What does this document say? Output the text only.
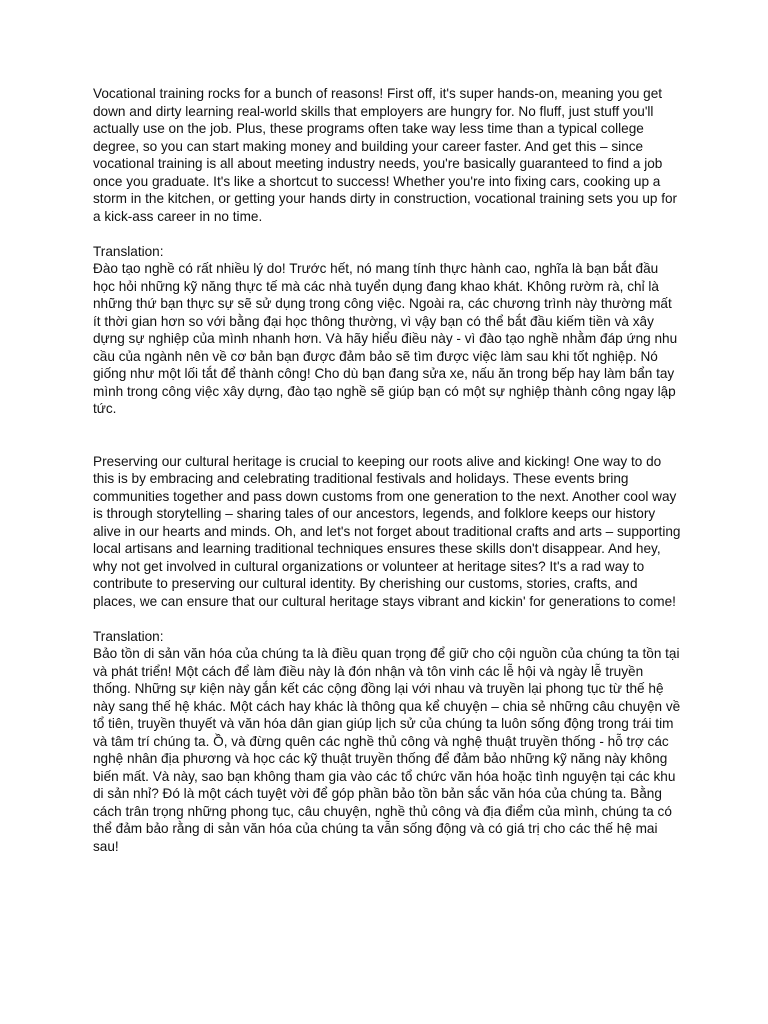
Vocational training rocks for a bunch of reasons! First off, it's super hands-on, meaning you get down and dirty learning real-world skills that employers are hungry for. No fluff, just stuff you'll actually use on the job. Plus, these programs often take way less time than a typical college degree, so you can start making money and building your career faster. And get this – since vocational training is all about meeting industry needs, you're basically guaranteed to find a job once you graduate. It's like a shortcut to success! Whether you're into fixing cars, cooking up a storm in the kitchen, or getting your hands dirty in construction, vocational training sets you up for a kick-ass career in no time.

Translation:

Đào tạo nghề có rất nhiều lý do! Trước hết, nó mang tính thực hành cao, nghĩa là bạn bắt đầu học hỏi những kỹ năng thực tế mà các nhà tuyển dụng đang khao khát. Không rườm rà, chỉ là những thứ bạn thực sự sẽ sử dụng trong công việc. Ngoài ra, các chương trình này thường mất ít thời gian hơn so với bằng đại học thông thường, vì vậy bạn có thể bắt đầu kiếm tiền và xây dựng sự nghiệp của mình nhanh hơn. Và hãy hiểu điều này - vì đào tạo nghề nhằm đáp ứng nhu cầu của ngành nên về cơ bản bạn được đảm bảo sẽ tìm được việc làm sau khi tốt nghiệp. Nó giống như một lối tắt để thành công! Cho dù bạn đang sửa xe, nấu ăn trong bếp hay làm bẩn tay mình trong công việc xây dựng, đào tạo nghề sẽ giúp bạn có một sự nghiệp thành công ngay lập tức.

Preserving our cultural heritage is crucial to keeping our roots alive and kicking! One way to do this is by embracing and celebrating traditional festivals and holidays. These events bring communities together and pass down customs from one generation to the next. Another cool way is through storytelling – sharing tales of our ancestors, legends, and folklore keeps our history alive in our hearts and minds. Oh, and let's not forget about traditional crafts and arts – supporting local artisans and learning traditional techniques ensures these skills don't disappear. And hey, why not get involved in cultural organizations or volunteer at heritage sites? It's a rad way to contribute to preserving our cultural identity. By cherishing our customs, stories, crafts, and places, we can ensure that our cultural heritage stays vibrant and kickin' for generations to come!

Translation:

Bảo tồn di sản văn hóa của chúng ta là điều quan trọng để giữ cho cội nguồn của chúng ta tồn tại và phát triển! Một cách để làm điều này là đón nhận và tôn vinh các lễ hội và ngày lễ truyền thống. Những sự kiện này gắn kết các cộng đồng lại với nhau và truyền lại phong tục từ thế hệ này sang thế hệ khác. Một cách hay khác là thông qua kể chuyện – chia sẻ những câu chuyện về tổ tiên, truyền thuyết và văn hóa dân gian giúp lịch sử của chúng ta luôn sống động trong trái tim và tâm trí chúng ta. Ồ, và đừng quên các nghề thủ công và nghệ thuật truyền thống - hỗ trợ các nghệ nhân địa phương và học các kỹ thuật truyền thống để đảm bảo những kỹ năng này không biến mất. Và này, sao bạn không tham gia vào các tổ chức văn hóa hoặc tình nguyện tại các khu di sản nhỉ? Đó là một cách tuyệt vời để góp phần bảo tồn bản sắc văn hóa của chúng ta. Bằng cách trân trọng những phong tục, câu chuyện, nghề thủ công và địa điểm của mình, chúng ta có thể đảm bảo rằng di sản văn hóa của chúng ta vẫn sống động và có giá trị cho các thế hệ mai sau!
